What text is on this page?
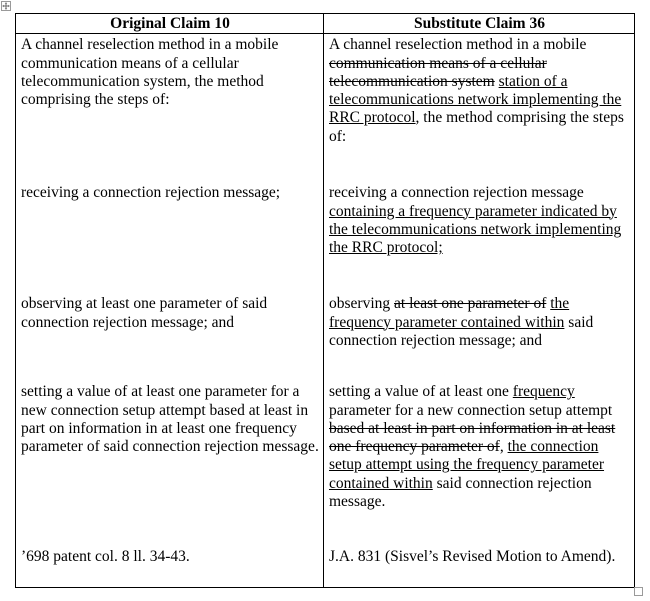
Original Claim 10	Substitute Claim 36
A channel reselection method in a mobile communication means of a cellular telecommunication system, the method comprising the steps of:	A channel reselection method in a mobile communication means of a cellular telecommunication system station of a telecommunications network implementing the RRC protocol, the method comprising the steps of:
receiving a connection rejection message;	receiving a connection rejection message containing a frequency parameter indicated by the telecommunications network implementing the RRC protocol;
observing at least one parameter of said connection rejection message; and	observing at least one parameter of the frequency parameter contained within said connection rejection message; and
setting a value of at least one parameter for a new connection setup attempt based at least in part on information in at least one frequency parameter of said connection rejection message.	setting a value of at least one frequency parameter for a new connection setup attempt based at least in part on information in at least one frequency parameter of, the connection setup attempt using the frequency parameter contained within said connection rejection message.
’698 patent col. 8 ll. 34-43.	J.A. 831 (Sisvel’s Revised Motion to Amend).
